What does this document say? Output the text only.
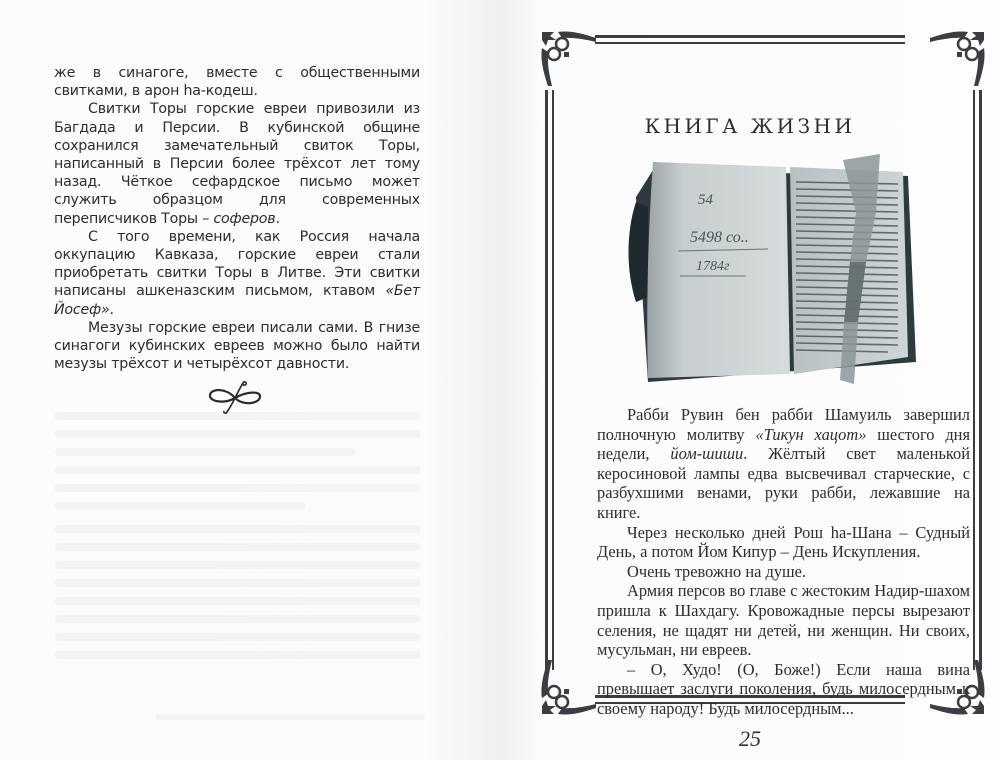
же в синагоге, вместе с общественными свитками, в арон hа-кодеш.

Свитки Торы горские евреи привозили из Багдада и Персии. В кубинской общине сохранился замечательный свиток Торы, написанный в Персии более трёхсот лет тому назад. Чёткое сефардское письмо может служить образцом для современных переписчиков Торы – соферов.

С того времени, как Россия начала оккупацию Кавказа, горские евреи стали приобретать свитки Торы в Литве. Эти свитки написаны ашкеназским письмом, ктавом «Бет Йосеф».

Мезузы горские евреи писали сами. В гнизе синагоги кубинских евреев можно было найти мезузы трёхсот и четырёхсот давности.

КНИГА ЖИЗНИ
54
5498 со..
1784г

Рабби Рувин бен рабби Шамуиль завершил полночную молитву «Тикун хацот» шестого дня недели, йом-шиши. Жёлтый свет маленькой керосиновой лампы едва высвечивал старческие, с разбухшими венами, руки рабби, лежавшие на книге.

Через несколько дней Рош hа-Шана – Судный День, а потом Йом Кипур – День Искупления.

Очень тревожно на душе.

Армия персов во главе с жестоким Надир-шахом пришла к Шахдагу. Кровожадные персы вырезают селения, не щадят ни детей, ни женщин. Ни своих, мусульман, ни евреев.

– О, Худо! (О, Боже!) Если наша вина превышает заслуги поколения, будь милосердным к своему народу! Будь милосердным...

25
